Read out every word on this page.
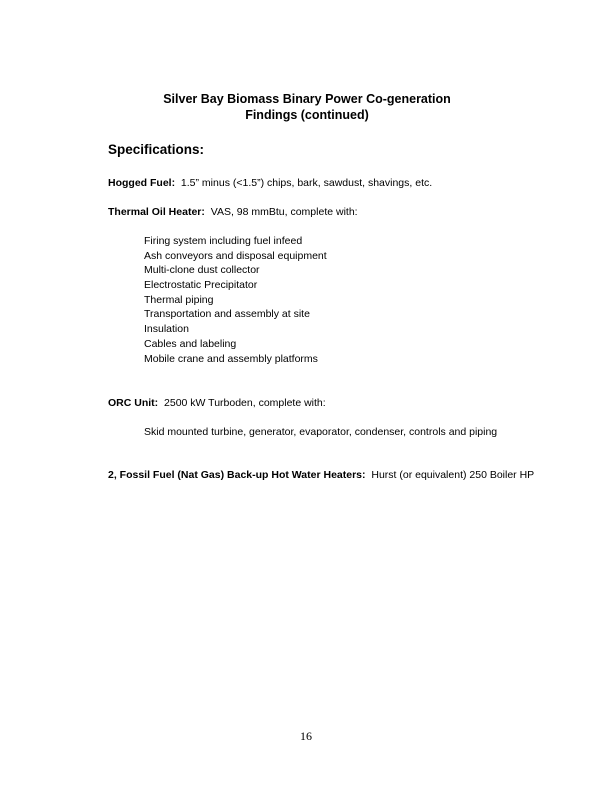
Silver Bay Biomass Binary Power Co-generation
Findings (continued)
Specifications:
Hogged Fuel: 1.5” minus (<1.5”) chips, bark, sawdust, shavings, etc.
Thermal Oil Heater: VAS, 98 mmBtu, complete with:
Firing system including fuel infeed
Ash conveyors and disposal equipment
Multi-clone dust collector
Electrostatic Precipitator
Thermal piping
Transportation and assembly at site
Insulation
Cables and labeling
Mobile crane and assembly platforms
ORC Unit: 2500 kW Turboden, complete with:
Skid mounted turbine, generator, evaporator, condenser, controls and piping
2, Fossil Fuel (Nat Gas) Back-up Hot Water Heaters: Hurst (or equivalent) 250 Boiler HP
16
